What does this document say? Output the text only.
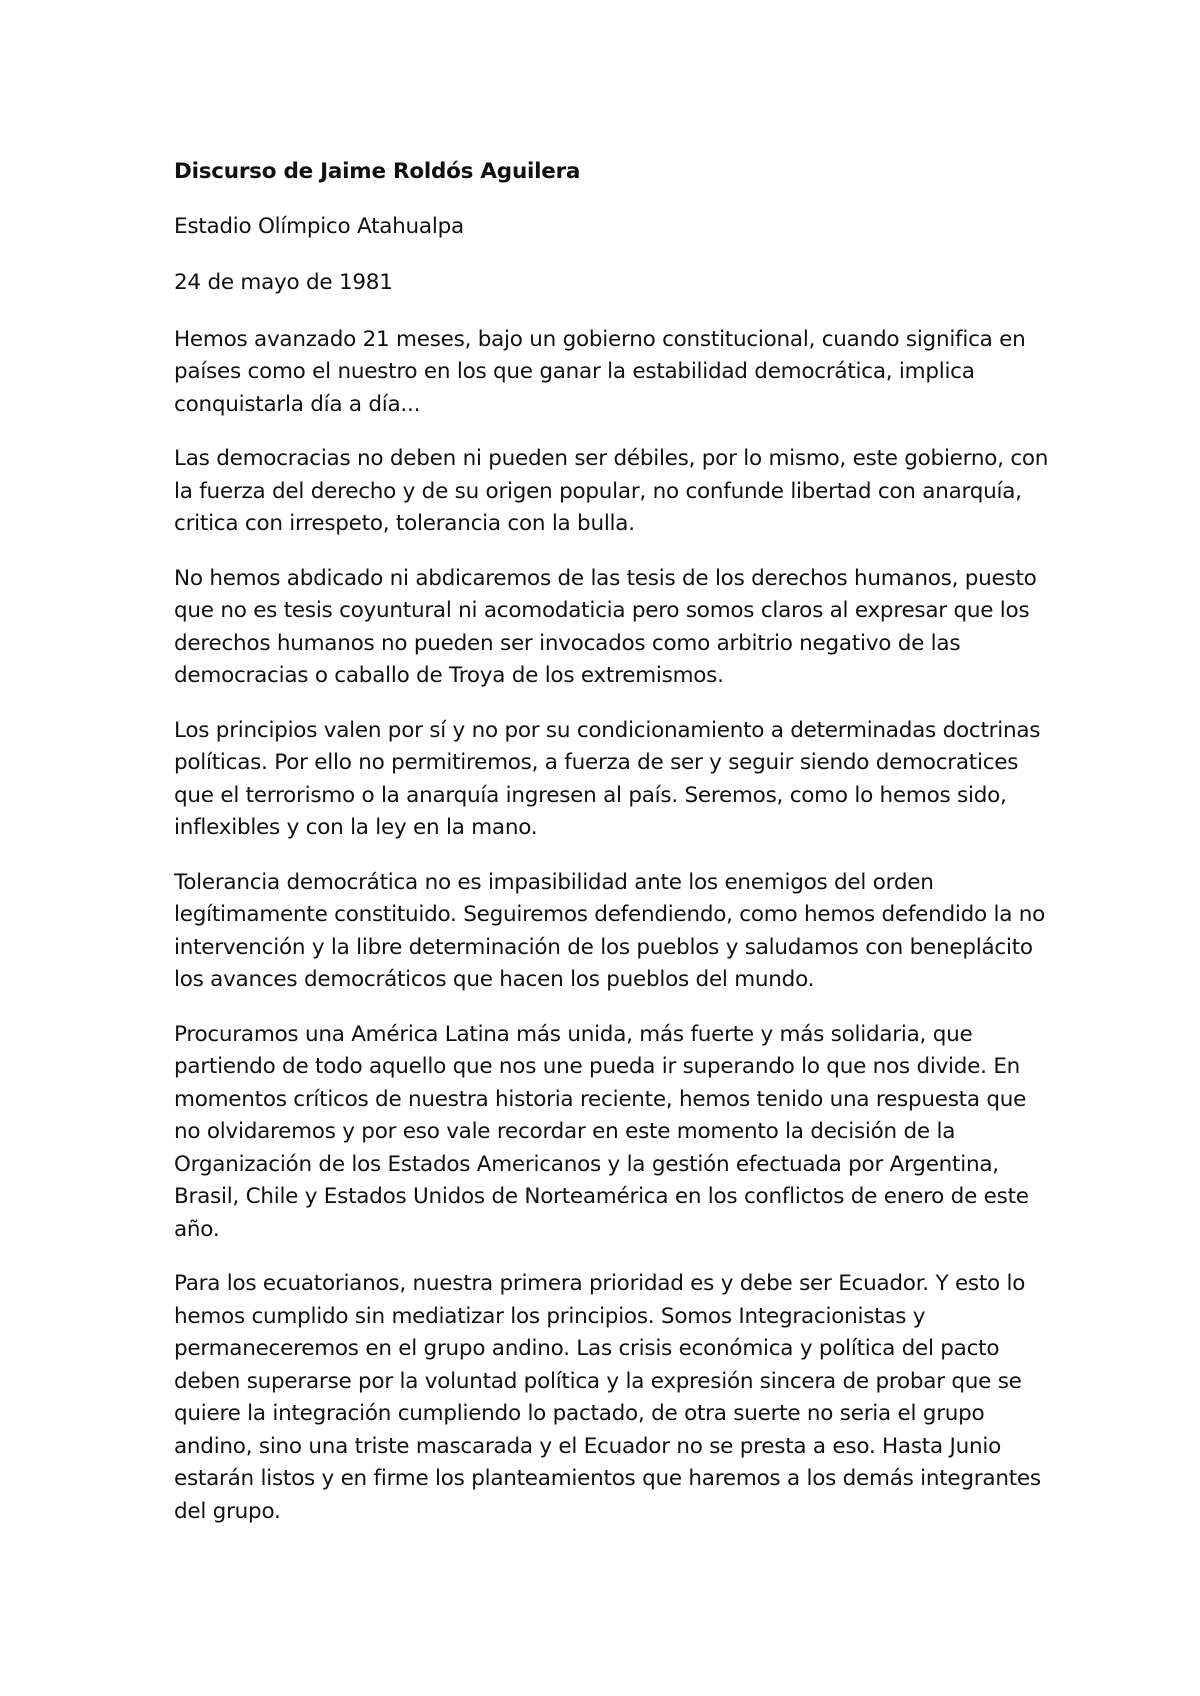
Discurso de Jaime Roldós Aguilera
Estadio Olímpico Atahualpa
24 de mayo de 1981

Hemos avanzado 21 meses, bajo un gobierno constitucional, cuando significa en países como el nuestro en los que ganar la estabilidad democrática, implica conquistarla día a día...

Las democracias no deben ni pueden ser débiles, por lo mismo, este gobierno, con la fuerza del derecho y de su origen popular, no confunde libertad con anarquía, critica con irrespeto, tolerancia con la bulla.

No hemos abdicado ni abdicaremos de las tesis de los derechos humanos, puesto que no es tesis coyuntural ni acomodaticia pero somos claros al expresar que los derechos humanos no pueden ser invocados como arbitrio negativo de las democracias o caballo de Troya de los extremismos.

Los principios valen por sí y no por su condicionamiento a determinadas doctrinas políticas. Por ello no permitiremos, a fuerza de ser y seguir siendo democratices que el terrorismo o la anarquía ingresen al país. Seremos, como lo hemos sido, inflexibles y con la ley en la mano.

Tolerancia democrática no es impasibilidad ante los enemigos del orden legítimamente constituido. Seguiremos defendiendo, como hemos defendido la no intervención y la libre determinación de los pueblos y saludamos con beneplácito los avances democráticos que hacen los pueblos del mundo.

Procuramos una América Latina más unida, más fuerte y más solidaria, que partiendo de todo aquello que nos une pueda ir superando lo que nos divide. En momentos críticos de nuestra historia reciente, hemos tenido una respuesta que no olvidaremos y por eso vale recordar en este momento la decisión de la Organización de los Estados Americanos y la gestión efectuada por Argentina, Brasil, Chile y Estados Unidos de Norteamérica en los conflictos de enero de este año.

Para los ecuatorianos, nuestra primera prioridad es y debe ser Ecuador. Y esto lo hemos cumplido sin mediatizar los principios. Somos Integracionistas y permaneceremos en el grupo andino. Las crisis económica y política del pacto deben superarse por la voluntad política y la expresión sincera de probar que se quiere la integración cumpliendo lo pactado, de otra suerte no seria el grupo andino, sino una triste mascarada y el Ecuador no se presta a eso. Hasta Junio estarán listos y en firme los planteamientos que haremos a los demás integrantes del grupo.
